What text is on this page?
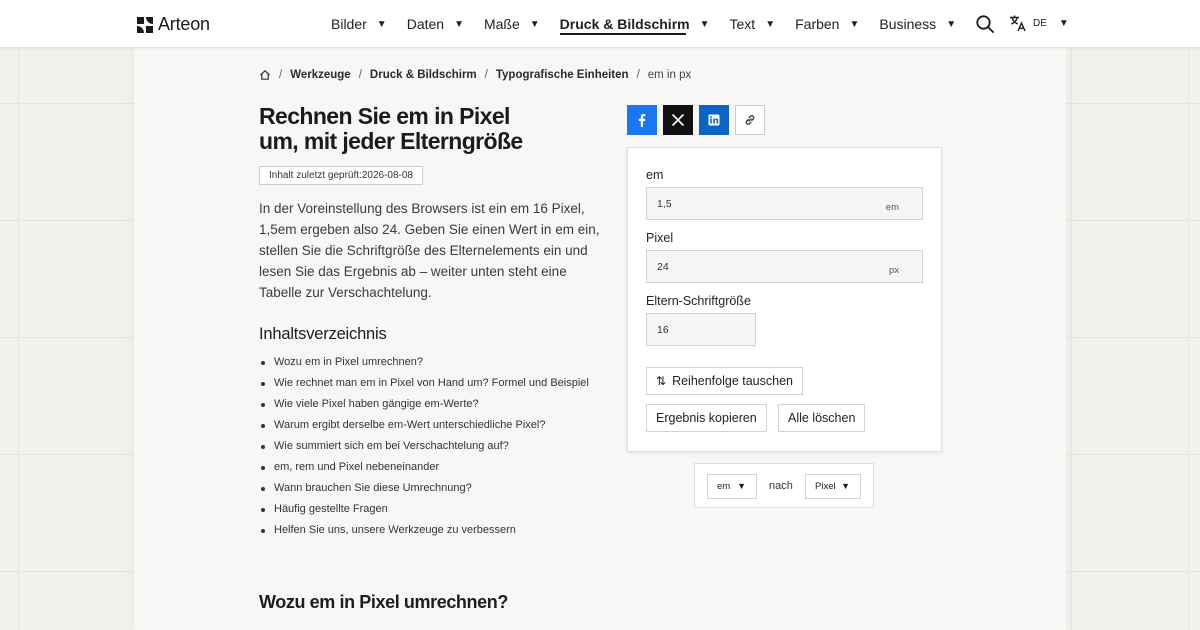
Arteon	Bilder ▼ Daten ▼ Maße ▼ Druck & Bildschirm ▼ Text ▼ Farben ▼ Business ▼	DE ▼
/ Werkzeuge / Druck & Bildschirm / Typografische Einheiten / em in px
Rechnen Sie em in Pixel
um, mit jeder Elterngröße
Inhalt zuletzt geprüft:2026-08-08

In der Voreinstellung des Browsers ist ein em 16 Pixel, 1,5em ergeben also 24. Geben Sie einen Wert in em ein, stellen Sie die Schriftgröße des Elternelements ein und lesen Sie das Ergebnis ab – weiter unten steht eine Tabelle zur Verschachtelung.

Inhaltsverzeichnis
Wozu em in Pixel umrechnen?
Wie rechnet man em in Pixel von Hand um? Formel und Beispiel
Wie viele Pixel haben gängige em-Werte?
Warum ergibt derselbe em-Wert unterschiedliche Pixel?
Wie summiert sich em bei Verschachtelung auf?
em, rem und Pixel nebeneinander
Wann brauchen Sie diese Umrechnung?
Häufig gestellte Fragen
Helfen Sie uns, unsere Werkzeuge zu verbessern
Wozu em in Pixel umrechnen?
em
1,5	em
Pixel
24	px
Eltern-Schriftgröße
16
⇅ Reihenfolge tauschen
Ergebnis kopieren	Alle löschen
em ▼ nach Pixel ▼
